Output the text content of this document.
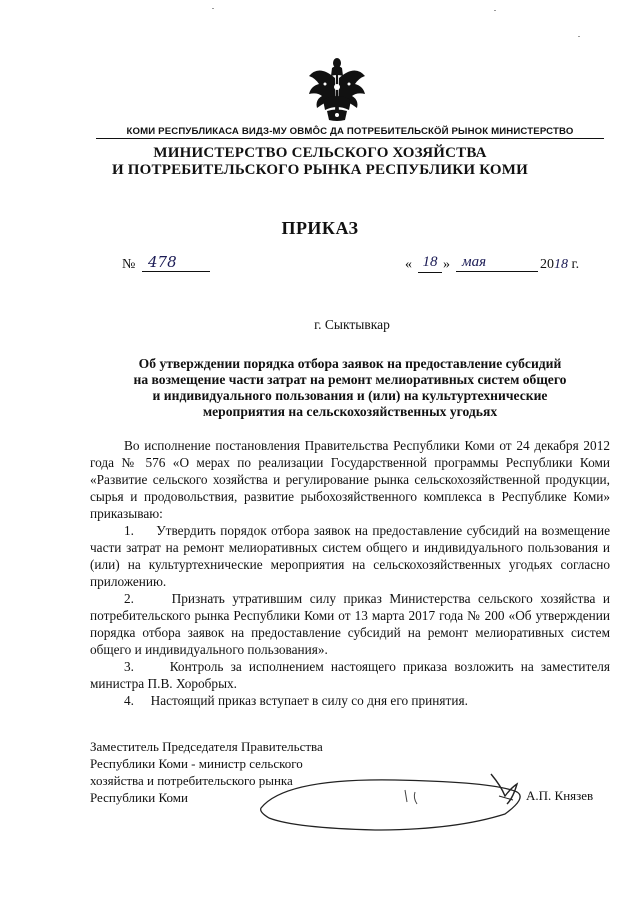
КОМИ РЕСПУБЛИКАСА ВИДЗ-МУ ОВМÔС ДА ПОТРЕБИТЕЛЬСКÖЙ РЫНОК МИНИСТЕРСТВО
МИНИСТЕРСТВО СЕЛЬСКОГО ХОЗЯЙСТВА
И ПОТРЕБИТЕЛЬСКОГО РЫНКА РЕСПУБЛИКИ КОМИ
ПРИКАЗ
№ 478	« 18 » мая	2018 г.
г. Сыктывкар
Об утверждении порядка отбора заявок на предоставление субсидий
на возмещение части затрат на ремонт мелиоративных систем общего
и индивидуального пользования и (или) на культуртехнические
мероприятия на сельскохозяйственных угодьях

Во исполнение постановления Правительства Республики Коми от 24 декабря 2012 года № 576 «О мерах по реализации Государственной программы Республики Коми «Развитие сельского хозяйства и регулирование рынка сельскохозяйственной продукции, сырья и продовольствия, развитие рыбохозяйственного комплекса в Республике Коми» приказываю:

1.     Утвердить порядок отбора заявок на предоставление субсидий на возмещение части затрат на ремонт мелиоративных систем общего и индивидуального пользования и (или) на культуртехнические мероприятия на сельскохозяйственных угодьях согласно приложению.

2.     Признать утратившим силу приказ Министерства сельского хозяйства и потребительского рынка Республики Коми от 13 марта 2017 года № 200 «Об утверждении порядка отбора заявок на предоставление субсидий на ремонт мелиоративных систем общего и индивидуального пользования».

3.     Контроль за исполнением настоящего приказа возложить на заместителя министра П.В. Хоробрых.

4.     Настоящий приказ вступает в силу со дня его принятия.

Заместитель Председателя Правительства
Республики Коми - министр сельского
хозяйства и потребительского рынка
Республики Коми	А.П. Князев
